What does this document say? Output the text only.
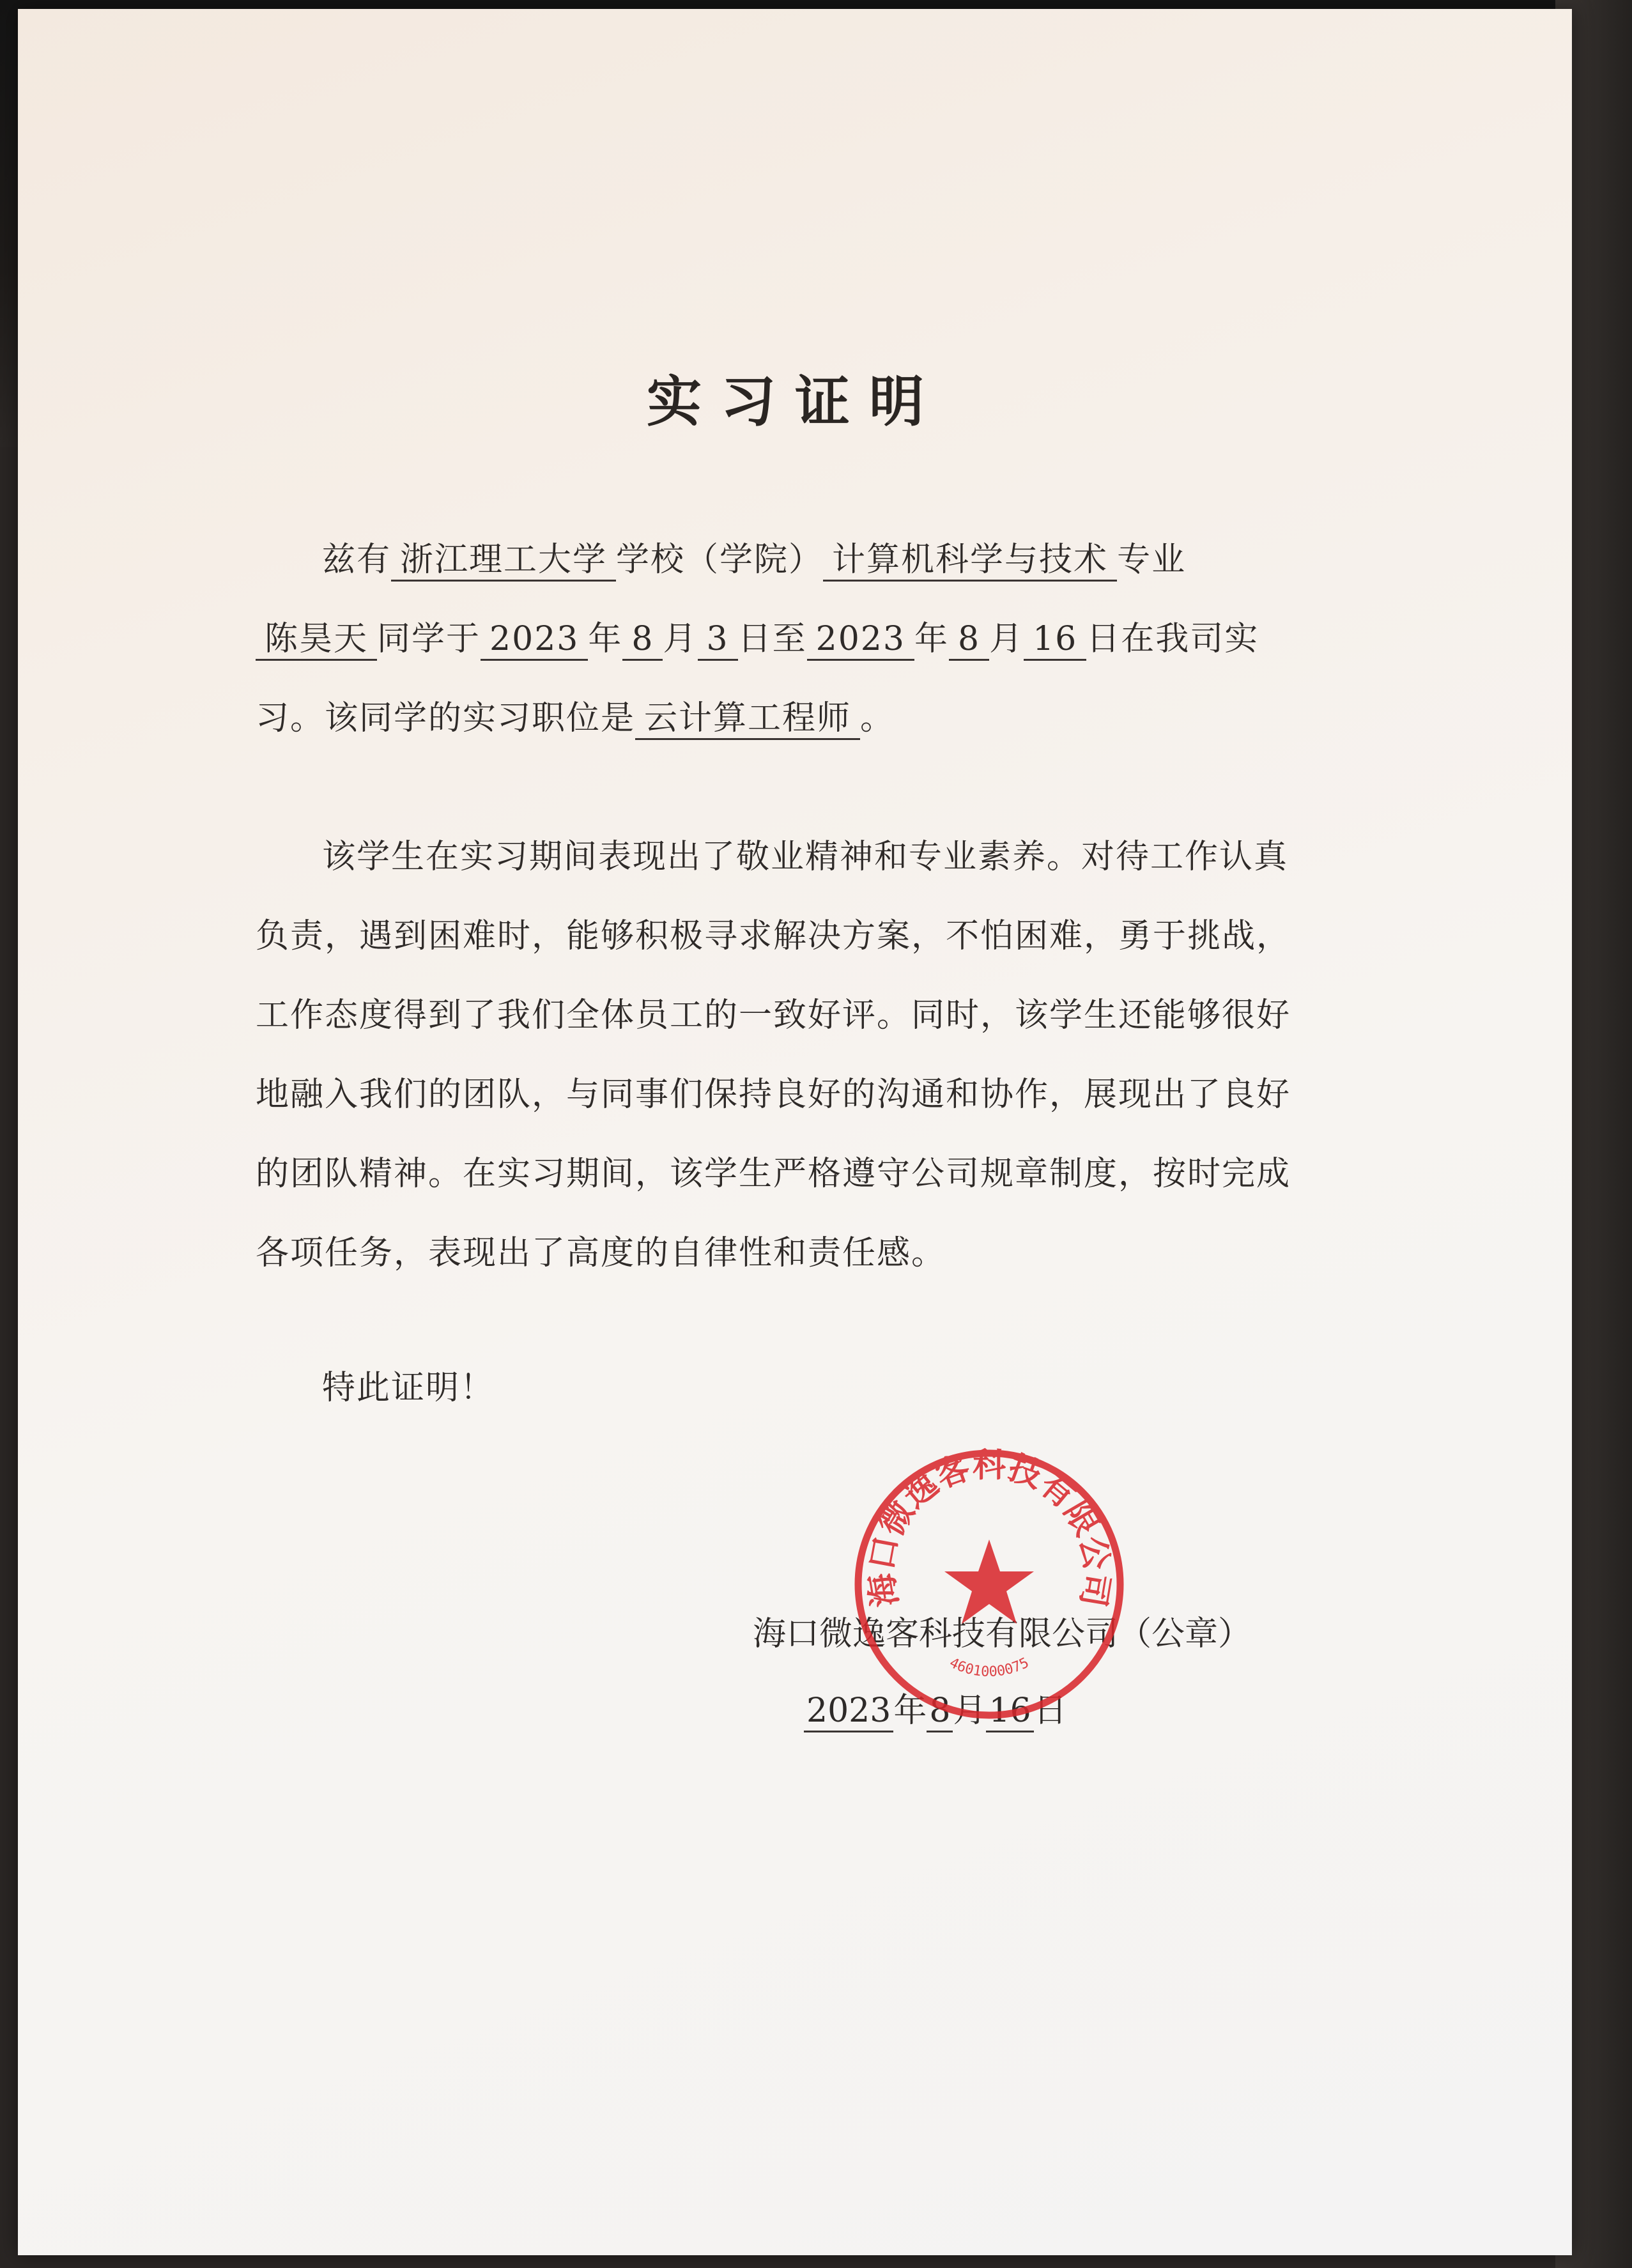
实习证明
兹有 浙江理工大学 学校（学院） 计算机科学与技术 专业陈昊天 同学于 2023 年 8 月 3 日至 2023 年 8 月 16 日在我司实习。该同学的实习职位是 云计算工程师 。
该学生在实习期间表现出了敬业精神和专业素养。对待工作认真负责，遇到困难时，能够积极寻求解决方案，不怕困难，勇于挑战，工作态度得到了我们全体员工的一致好评。同时，该学生还能够很好地融入我们的团队，与同事们保持良好的沟通和协作，展现出了良好的团队精神。在实习期间，该学生严格遵守公司规章制度，按时完成各项任务，表现出了高度的自律性和责任感。
特此证明！
海口微逸客科技有限公司（公章）
2023年8月16日
海口微逸客科技有限公司
4601000075
